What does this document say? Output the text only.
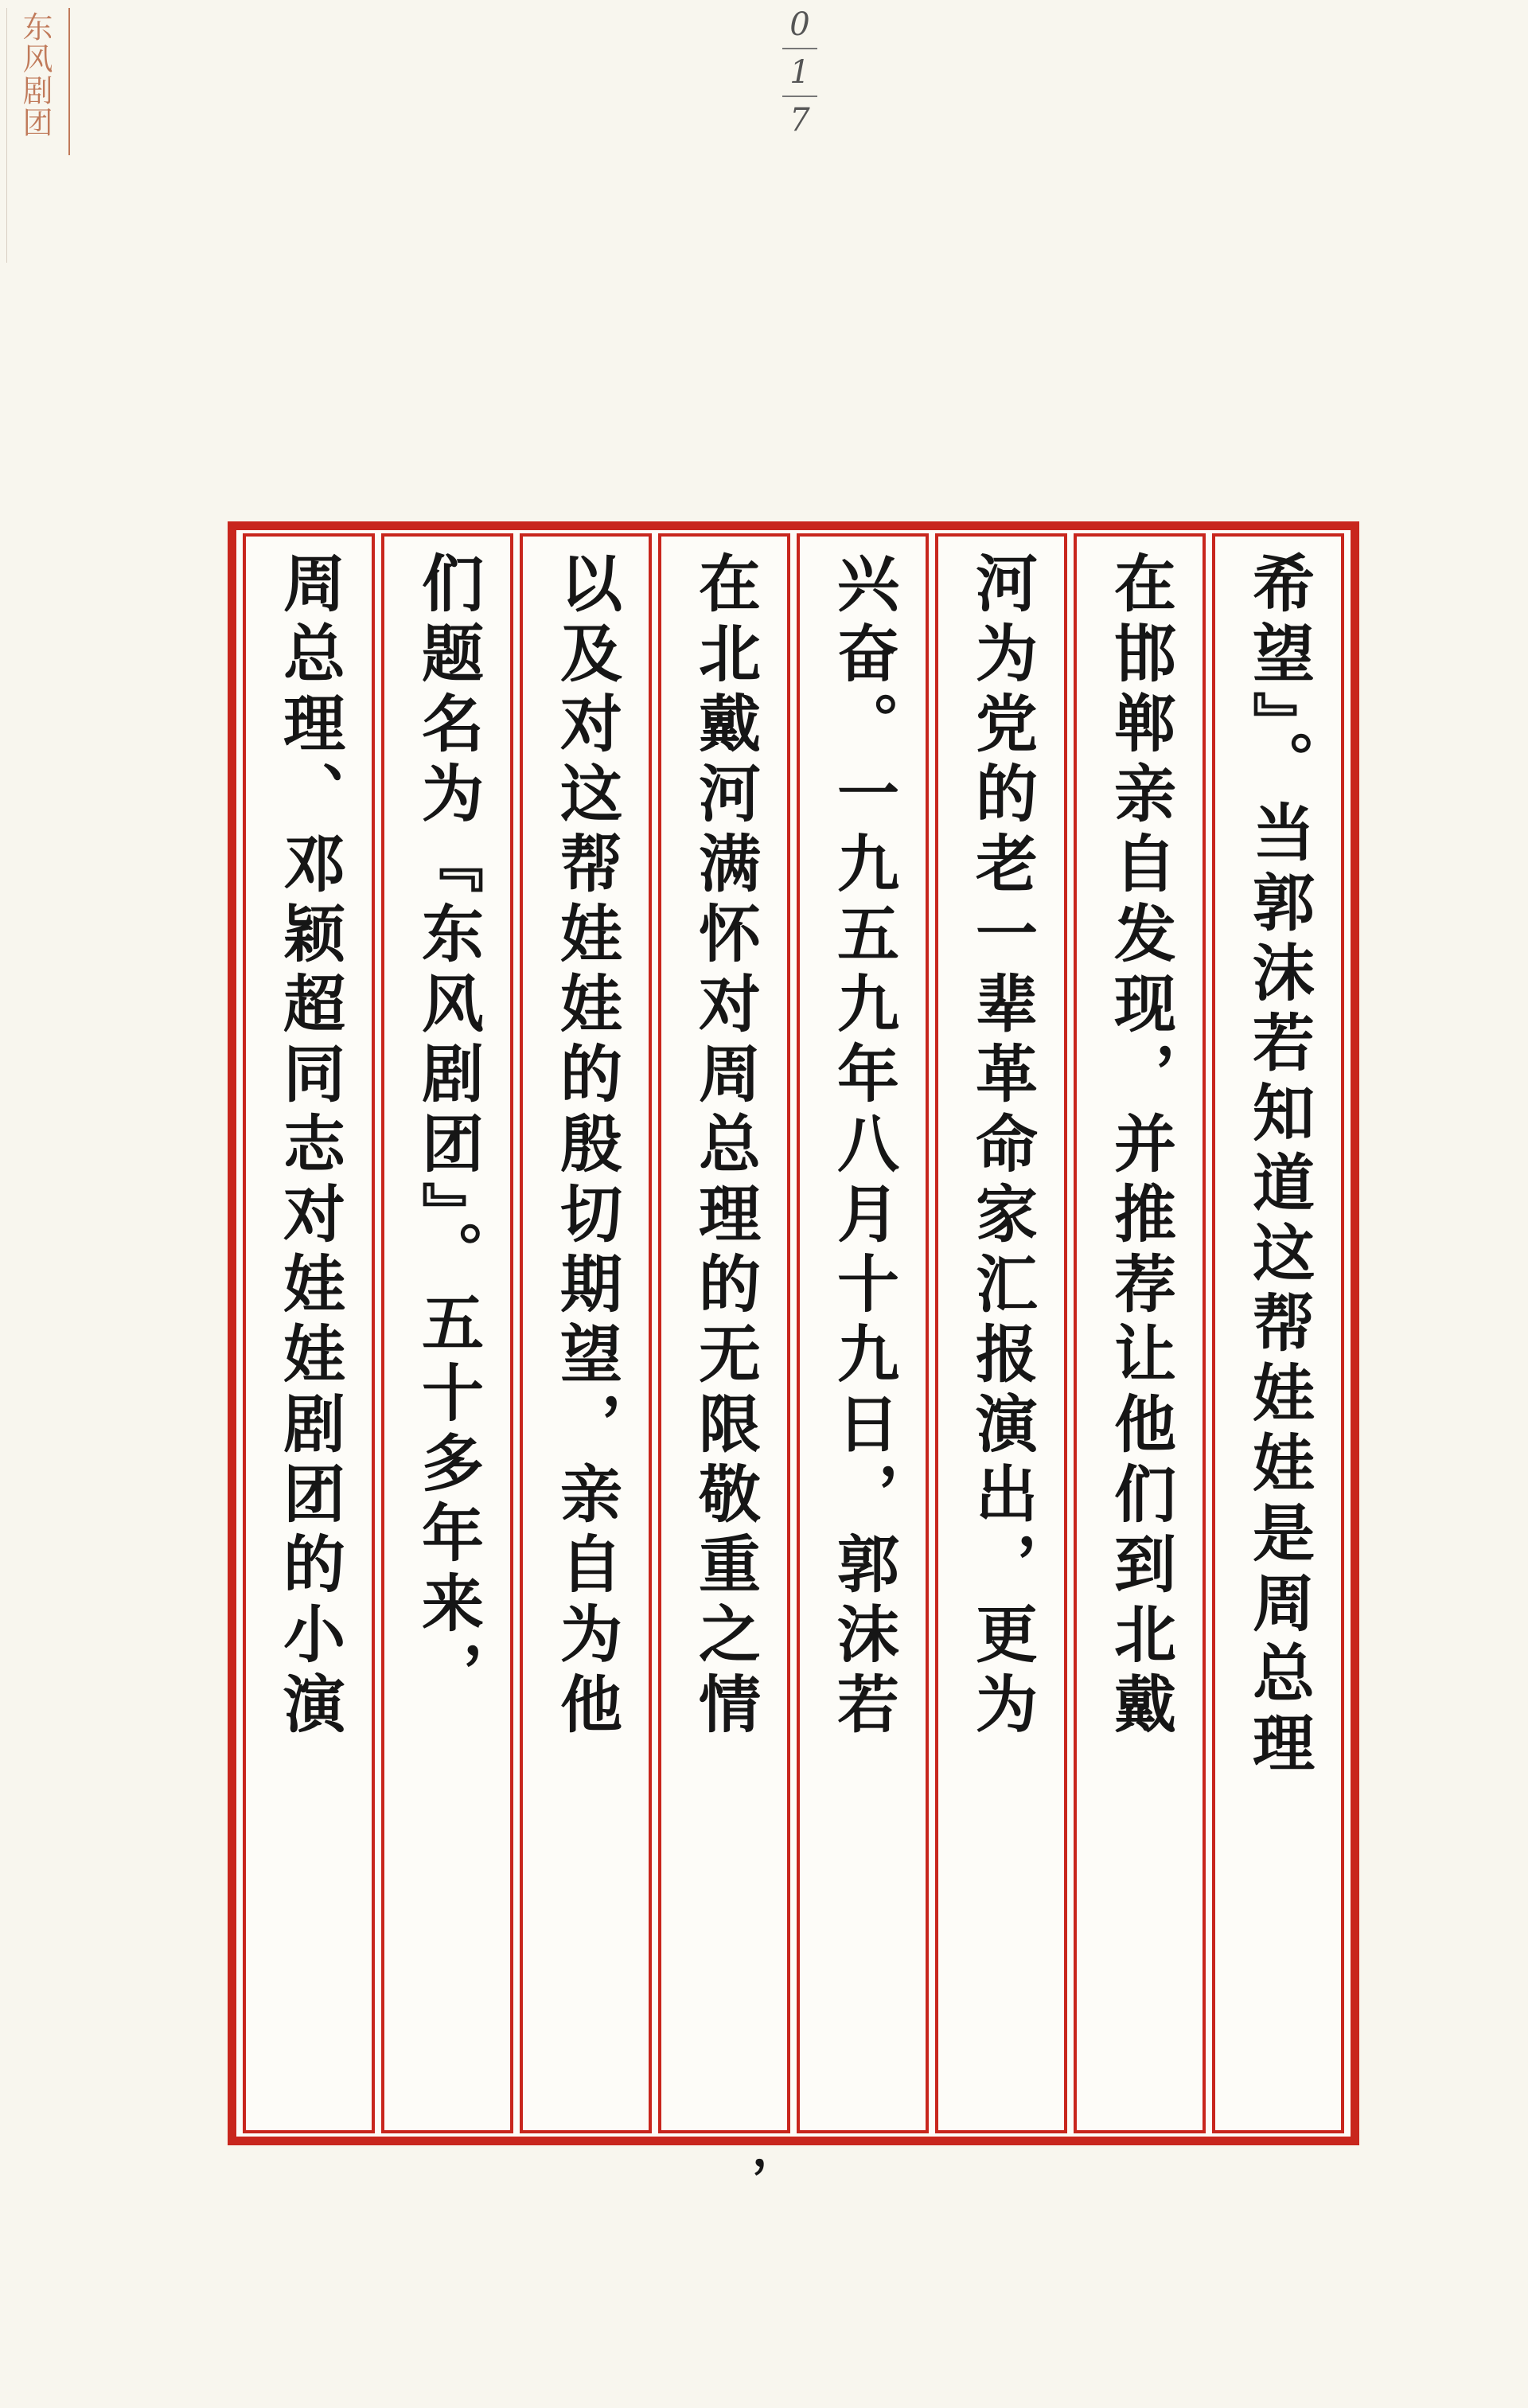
东风剧团	0
1
7
希望』。当郭沫若知道这帮娃娃是周总理
在邯郸亲自发现，并推荐让他们到北戴
河为党的老一辈革命家汇报演出，更为
兴奋。一九五九年八月十九日，郭沫若
在北戴河满怀对周总理的无限敬重之情
以及对这帮娃娃的殷切期望，亲自为他
们题名为『东风剧团』。五十多年来，
周总理、邓颖超同志对娃娃剧团的小演
，
